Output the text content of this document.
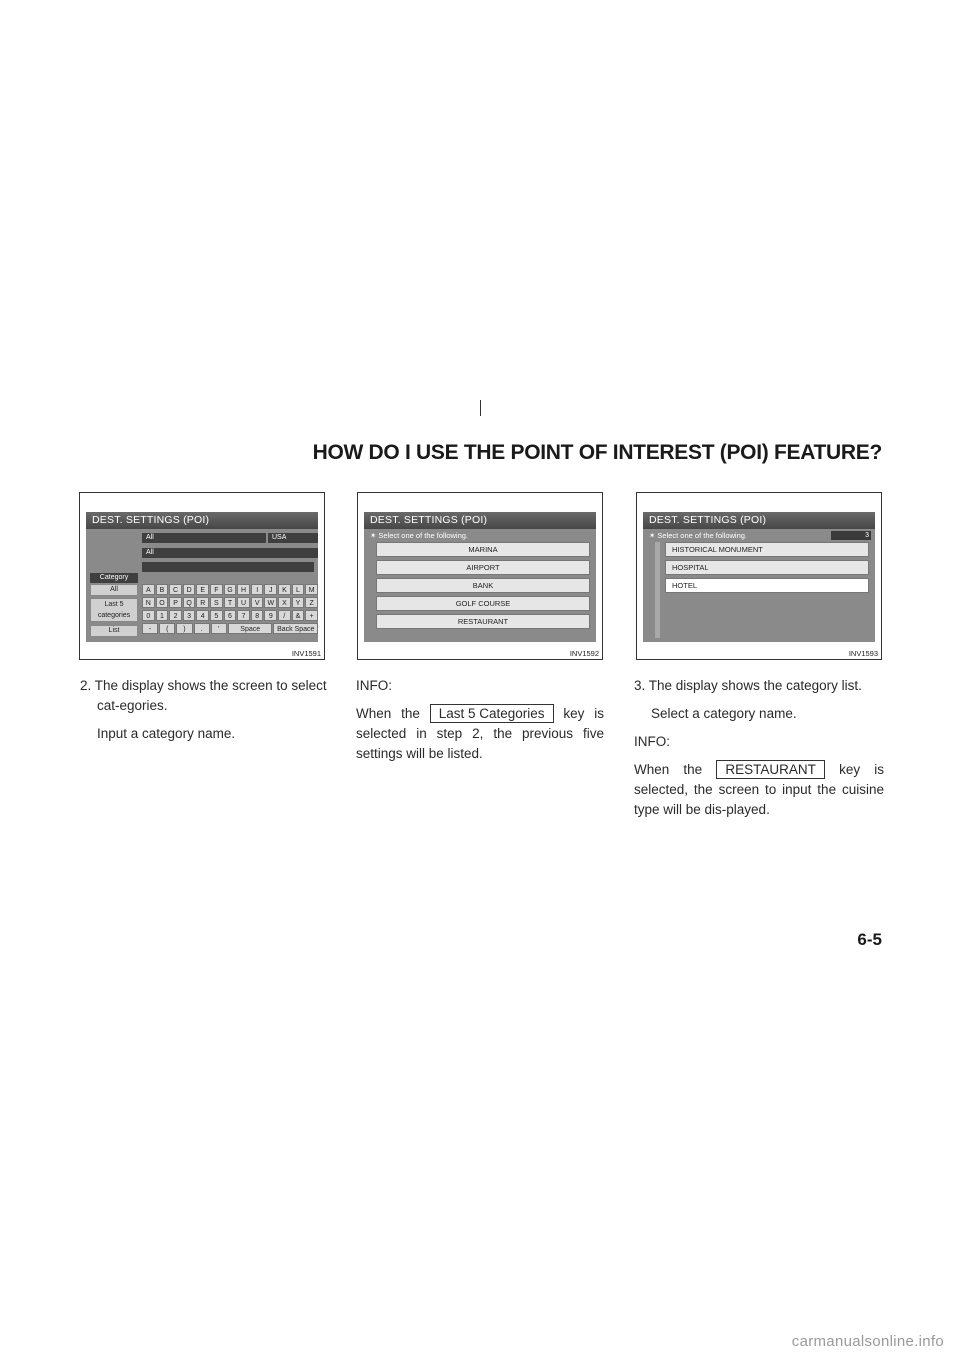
HOW DO I USE THE POINT OF INTEREST (POI) FEATURE?
DEST. SETTINGS (POI)
All	USA
All
Category
All
Last 5 categories
List
A	B	C	D	E	F	G	H	I	J	K	L	M
N	O	P	Q	R	S	T	U	V	W	X	Y	Z
0	1	2	3	4	5	6	7	8	9	/	&	+
-	(	)	.	'	Space	Back Space
INV1591
DEST. SETTINGS (POI)
✶ Select one of the following.
MARINA
AIRPORT
BANK
GOLF COURSE
RESTAURANT
INV1592
DEST. SETTINGS (POI)
3
✶ Select one of the following.
HISTORICAL MONUMENT
HOSPITAL
HOTEL
INV1593

2. The display shows the screen to select cat-egories.

Input a category name.

INFO:

When the Last 5 Categories key is selected in step 2, the previous five settings will be listed.

3. The display shows the category list.

Select a category name.

INFO:

When the RESTAURANT key is selected, the screen to input the cuisine type will be dis-played.

6-5
carmanualsonline.info
